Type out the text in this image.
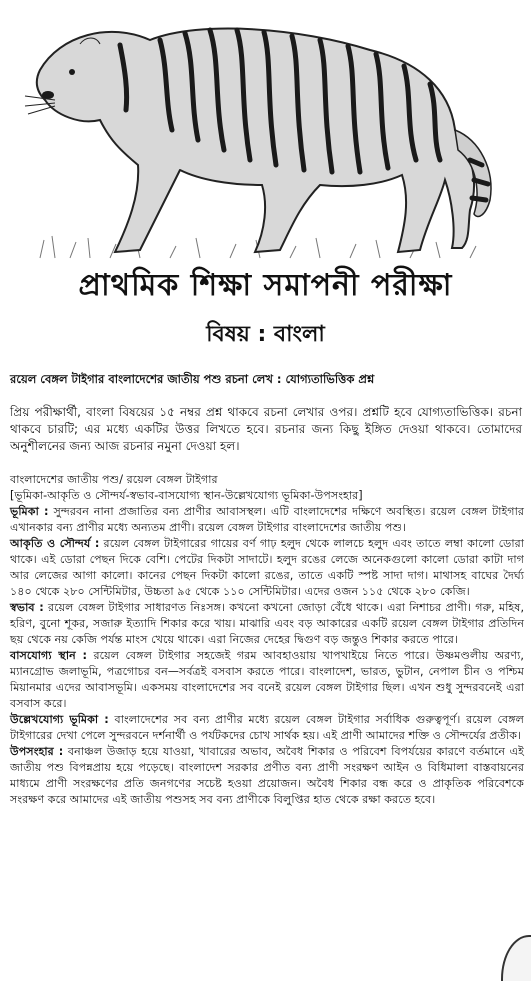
প্রাথমিক শিক্ষা সমাপনী পরীক্ষা
বিষয় : বাংলা
রয়েল বেঙ্গল টাইগার বাংলাদেশের জাতীয় পশু রচনা লেখ : যোগ্যতাভিত্তিক প্রশ্ন
প্রিয় পরীক্ষার্থী, বাংলা বিষয়ের ১৫ নম্বর প্রশ্ন থাকবে রচনা লেখার ওপর। প্রশ্নটি হবে যোগ্যতাভিত্তিক। রচনা থাকবে চারটি; এর মধ্যে একটির উত্তর লিখতে হবে। রচনার জন্য কিছু ইঙ্গিত দেওয়া থাকবে। তোমাদের অনুশীলনের জন্য আজ রচনার নমুনা দেওয়া হল।

বাংলাদেশের জাতীয় পশু/ রয়েল বেঙ্গল টাইগার

[ভূমিকা-আকৃতি ও সৌন্দর্য-স্বভাব-বাসযোগ্য স্থান-উল্লেখযোগ্য ভূমিকা-উপসংহার]

ভূমিকা : সুন্দরবন নানা প্রজাতির বন্য প্রাণীর আবাসস্থল। এটি বাংলাদেশের দক্ষিণে অবস্থিত। রয়েল বেঙ্গল টাইগার এখানকার বন্য প্রাণীর মধ্যে অন্যতম প্রাণী। রয়েল বেঙ্গল টাইগার বাংলাদেশের জাতীয় পশু।

আকৃতি ও সৌন্দর্য : রয়েল বেঙ্গল টাইগারের গায়ের বর্ণ গাঢ় হলুদ থেকে লালচে হলুদ এবং তাতে লম্বা কালো ডোরা থাকে। এই ডোরা পেছন দিকে বেশি। পেটের দিকটা সাদাটে। হলুদ রঙের লেজে অনেকগুলো কালো ডোরা কাটা দাগ আর লেজের আগা কালো। কানের পেছন দিকটা কালো রঙের, তাতে একটি স্পষ্ট সাদা দাগ। মাথাসহ বাঘের দৈর্ঘ্য ১৪০ থেকে ২৮০ সেন্টিমিটার, উচ্চতা ৯৫ থেকে ১১০ সেন্টিমিটার। এদের ওজন ১১৫ থেকে ২৮০ কেজি।

স্বভাব : রয়েল বেঙ্গল টাইগার সাধারণত নিঃসঙ্গ। কখনো কখনো জোড়া বেঁধে থাকে। এরা নিশাচর প্রাণী। গরু, মহিষ, হরিণ, বুনো শূকর, সজারু ইত্যাদি শিকার করে খায়। মাঝারি এবং বড় আকারের একটি রয়েল বেঙ্গল টাইগার প্রতিদিন ছয় থেকে নয় কেজি পর্যন্ত মাংস খেয়ে থাকে। এরা নিজের দেহের দ্বিগুণ বড় জন্তুও শিকার করতে পারে।

বাসযোগ্য স্থান : রয়েল বেঙ্গল টাইগার সহজেই গরম আবহাওয়ায় খাপখাইয়ে নিতে পারে। উষ্ণমণ্ডলীয় অরণ্য, ম্যানগ্রোভ জলাভূমি, পত্রগোচর বন—সর্বত্রই বসবাস করতে পারে। বাংলাদেশ, ভারত, ভুটান, নেপাল চীন ও পশ্চিম মিয়ানমার এদের আবাসভূমি। একসময় বাংলাদেশের সব বনেই রয়েল বেঙ্গল টাইগার ছিল। এখন শুধু সুন্দরবনেই এরা বসবাস করে।

উল্লেখযোগ্য ভূমিকা : বাংলাদেশের সব বন্য প্রাণীর মধ্যে রয়েল বেঙ্গল টাইগার সর্বাধিক গুরুত্বপূর্ণ। রয়েল বেঙ্গল টাইগারের দেখা পেলে সুন্দরবনে দর্শনার্থী ও পর্যটকদের চোখ সার্থক হয়। এই প্রাণী আমাদের শক্তি ও সৌন্দর্যের প্রতীক।

উপসংহার : বনাঞ্চল উজাড় হয়ে যাওয়া, খাবারের অভাব, অবৈধ শিকার ও পরিবেশ বিপর্যয়ের কারণে বর্তমানে এই জাতীয় পশু বিপন্নপ্রায় হয়ে পড়েছে। বাংলাদেশ সরকার প্রণীত বন্য প্রাণী সংরক্ষণ আইন ও বিধিমালা বাস্তবায়নের মাধ্যমে প্রাণী সংরক্ষণের প্রতি জনগণের সচেষ্ট হওয়া প্রয়োজন। অবৈধ শিকার বন্ধ করে ও প্রাকৃতিক পরিবেশকে সংরক্ষণ করে আমাদের এই জাতীয় পশুসহ সব বন্য প্রাণীকে বিলুপ্তির হাত থেকে রক্ষা করতে হবে।
